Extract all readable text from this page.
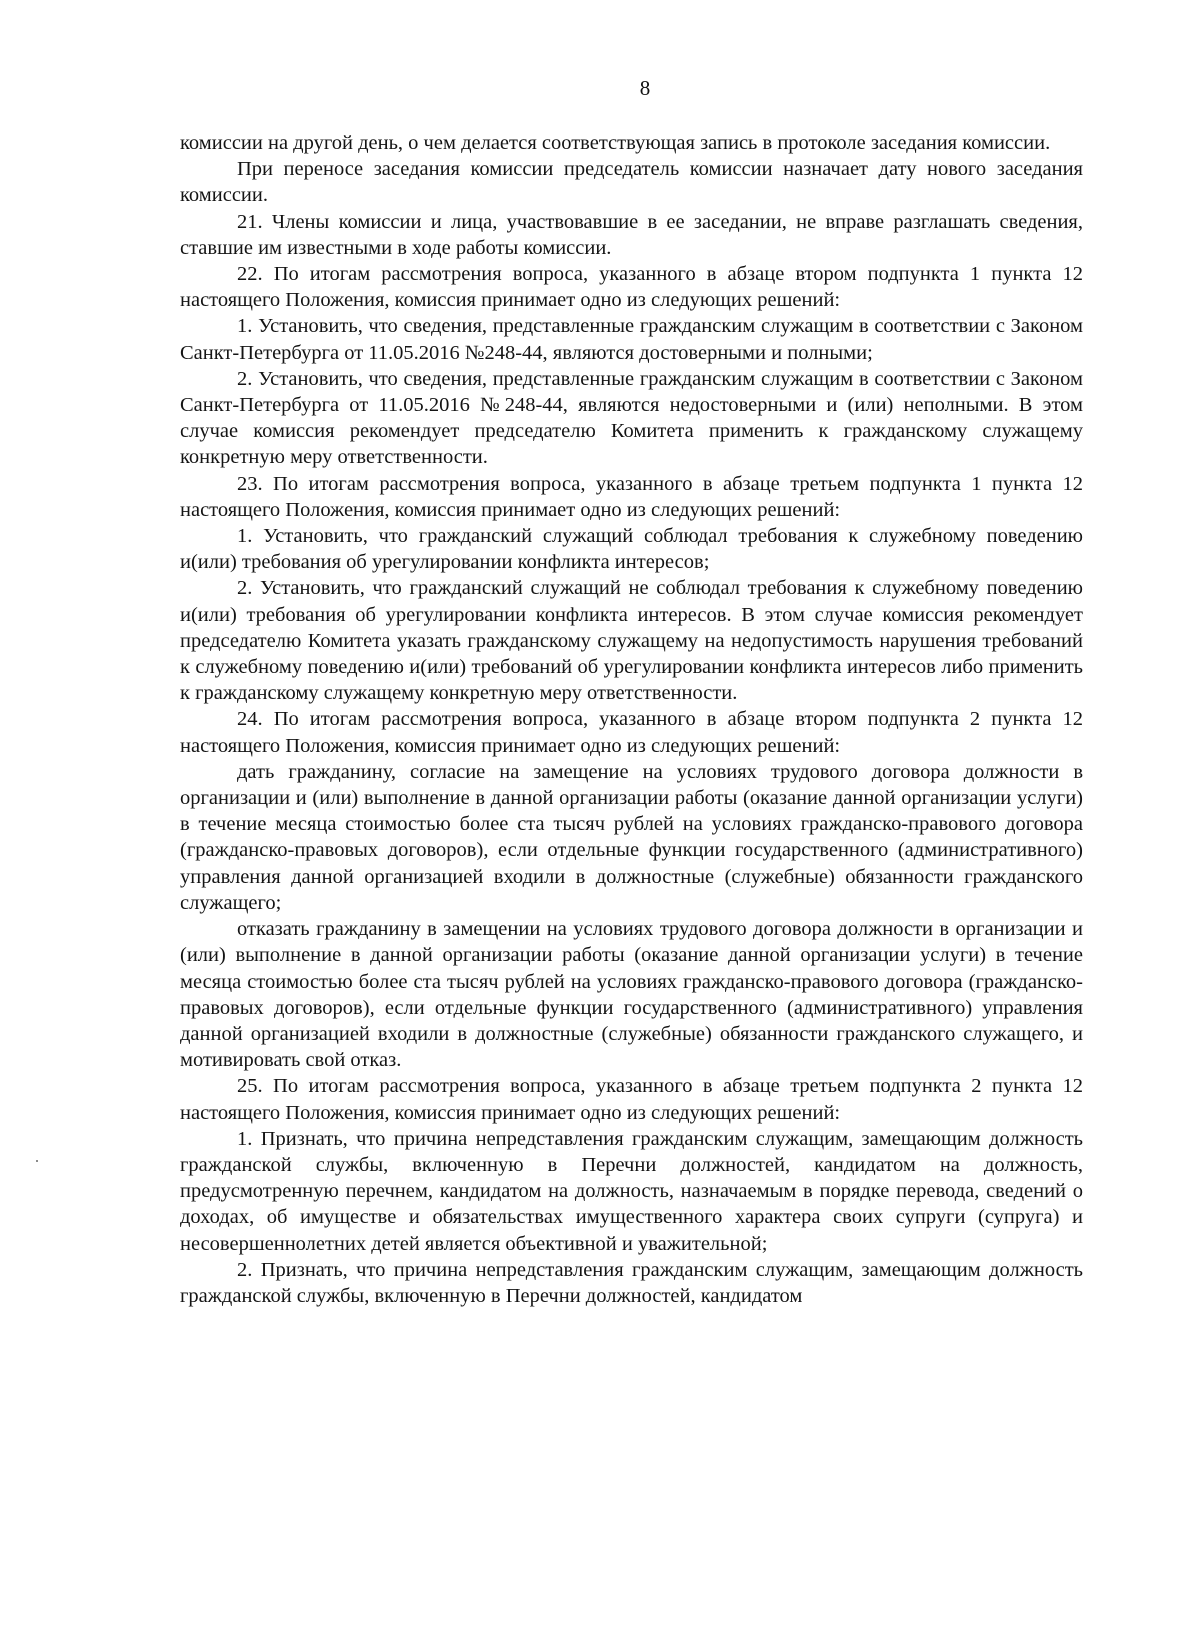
8

комиссии на другой день, о чем делается соответствующая запись в протоколе заседания комиссии.

При переносе заседания комиссии председатель комиссии назначает дату нового заседания комиссии.

21. Члены комиссии и лица, участвовавшие в ее заседании, не вправе разглашать сведения, ставшие им известными в ходе работы комиссии.

22. По итогам рассмотрения вопроса, указанного в абзаце втором подпункта 1 пункта 12 настоящего Положения, комиссия принимает одно из следующих решений:

1. Установить, что сведения, представленные гражданским служащим в соответствии с Законом Санкт-Петербурга от 11.05.2016 №248-44, являются достоверными и полными;

2. Установить, что сведения, представленные гражданским служащим в соответствии с Законом Санкт-Петербурга от 11.05.2016 №248-44, являются недостоверными и (или) неполными. В этом случае комиссия рекомендует председателю Комитета применить к гражданскому служащему конкретную меру ответственности.

23. По итогам рассмотрения вопроса, указанного в абзаце третьем подпункта 1 пункта 12 настоящего Положения, комиссия принимает одно из следующих решений:

1. Установить, что гражданский служащий соблюдал требования к служебному поведению и(или) требования об урегулировании конфликта интересов;

2. Установить, что гражданский служащий не соблюдал требования к служебному поведению и(или) требования об урегулировании конфликта интересов. В этом случае комиссия рекомендует председателю Комитета указать гражданскому служащему на недопустимость нарушения требований к служебному поведению и(или) требований об урегулировании конфликта интересов либо применить к гражданскому служащему конкретную меру ответственности.

24. По итогам рассмотрения вопроса, указанного в абзаце втором подпункта 2 пункта 12 настоящего Положения, комиссия принимает одно из следующих решений:

дать гражданину, согласие на замещение на условиях трудового договора должности в организации и (или) выполнение в данной организации работы (оказание данной организации услуги) в течение месяца стоимостью более ста тысяч рублей на условиях гражданско-правового договора (гражданско-правовых договоров), если отдельные функции государственного (административного) управления данной организацией входили в должностные (служебные) обязанности гражданского служащего;

отказать гражданину в замещении на условиях трудового договора должности в организации и (или) выполнение в данной организации работы (оказание данной организации услуги) в течение месяца стоимостью более ста тысяч рублей на условиях гражданско-правового договора (гражданско-правовых договоров), если отдельные функции государственного (административного) управления данной организацией входили в должностные (служебные) обязанности гражданского служащего, и мотивировать свой отказ.

25. По итогам рассмотрения вопроса, указанного в абзаце третьем подпункта 2 пункта 12 настоящего Положения, комиссия принимает одно из следующих решений:

1. Признать, что причина непредставления гражданским служащим, замещающим должность гражданской службы, включенную в Перечни должностей, кандидатом на должность, предусмотренную перечнем, кандидатом на должность, назначаемым в порядке перевода, сведений о доходах, об имуществе и обязательствах имущественного характера своих супруги (супруга) и несовершеннолетних детей является объективной и уважительной;

2. Признать, что причина непредставления гражданским служащим, замещающим должность гражданской службы, включенную в Перечни должностей, кандидатом
